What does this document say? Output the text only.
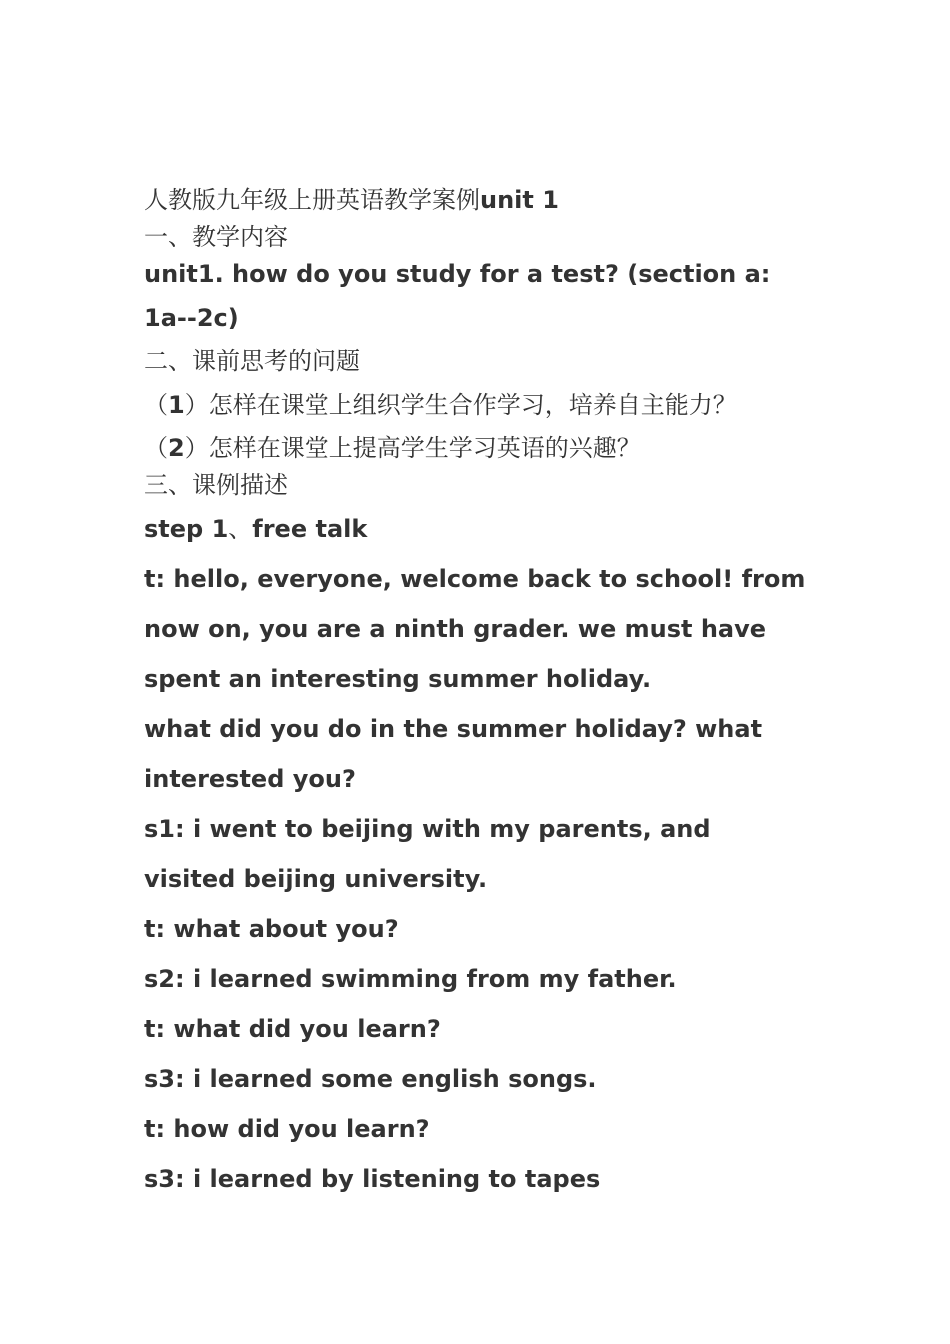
人教版九年级上册英语教学案例unit 1

一、教学内容

unit1. how do you study for a test? (section a:

1a--2c)

二、课前思考的问题

（1）怎样在课堂上组织学生合作学习，培养自主能力？

（2）怎样在课堂上提高学生学习英语的兴趣？

三、课例描述

step 1、free talk

t: hello, everyone, welcome back to school! from

now on, you are a ninth grader. we must have

spent an interesting summer holiday.

what did you do in the summer holiday? what

interested you?

s1: i went to beijing with my parents, and

visited beijing university.

t: what about you?

s2: i learned swimming from my father.

t: what did you learn?

s3: i learned some english songs.

t: how did you learn?

s3: i learned by listening to tapes
